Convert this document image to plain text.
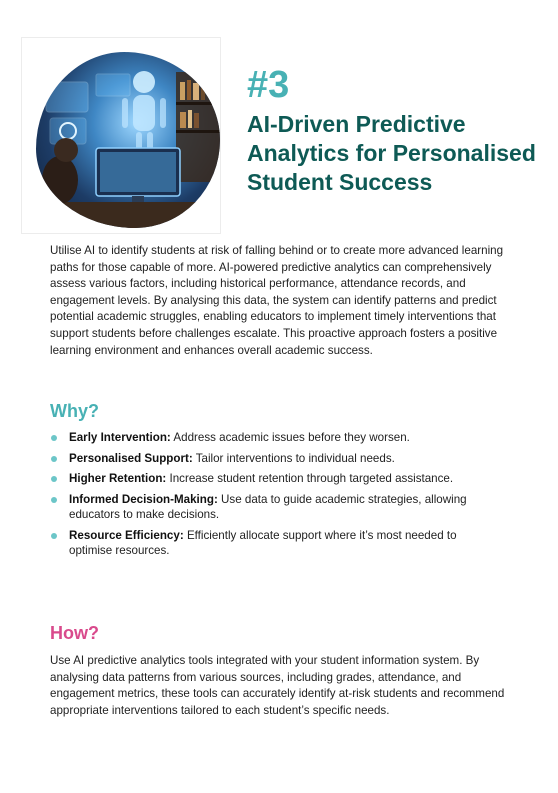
#3
AI-Driven Predictive Analytics for Personalised Student Success

Utilise AI to identify students at risk of falling behind or to create more advanced learning paths for those capable of more. AI-powered predictive analytics can comprehensively assess various factors, including historical performance, attendance records, and engagement levels. By analysing this data, the system can identify patterns and predict potential academic struggles, enabling educators to implement timely interventions that support students before challenges escalate. This proactive approach fosters a positive learning environment and enhances overall academic success.

Why?
Early Intervention: Address academic issues before they worsen.
Personalised Support: Tailor interventions to individual needs.
Higher Retention: Increase student retention through targeted assistance.
Informed Decision-Making: Use data to guide academic strategies, allowing educators to make decisions.
Resource Efficiency: Efficiently allocate support where it’s most needed to optimise resources.
How?

Use AI predictive analytics tools integrated with your student information system. By analysing data patterns from various sources, including grades, attendance, and engagement metrics, these tools can accurately identify at-risk students and recommend appropriate interventions tailored to each student’s specific needs.
